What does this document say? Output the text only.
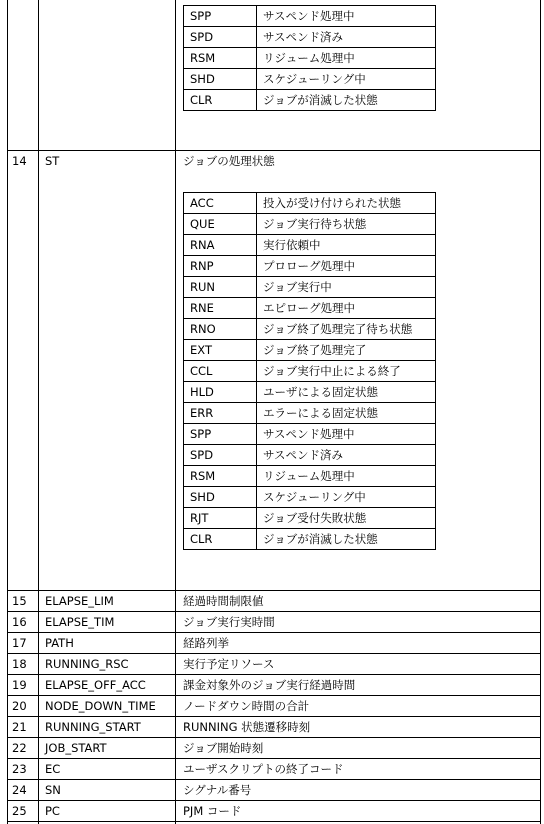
SPP	サスペンド処理中
SPD	サスペンド済み
RSM	リジューム処理中
SHD	スケジューリング中
CLR	ジョブが消滅した状態
14 ST	ジョブの処理状態
ACC	投入が受け付けられた状態
QUE	ジョブ実行待ち状態
RNA	実行依頼中
RNP	プロローグ処理中
RUN	ジョブ実行中
RNE	エピローグ処理中
RNO	ジョブ終了処理完了待ち状態
EXT	ジョブ終了処理完了
CCL	ジョブ実行中止による終了
HLD	ユーザによる固定状態
ERR	エラーによる固定状態
SPP	サスペンド処理中
SPD	サスペンド済み
RSM	リジューム処理中
SHD	スケジューリング中
RJT	ジョブ受付失敗状態
CLR	ジョブが消滅した状態
15 ELAPSE_LIM	経過時間制限値
16 ELAPSE_TIM	ジョブ実行実時間
17 PATH	経路列挙
18 RUNNING_RSC	実行予定リソース
19 ELAPSE_OFF_ACC	課金対象外のジョブ実行経過時間
20 NODE_DOWN_TIME ノードダウン時間の合計
21 RUNNING_START	RUNNING 状態遷移時刻
22 JOB_START	ジョブ開始時刻
23 EC	ユーザスクリプトの終了コード
24 SN	シグナル番号
25 PC	PJM コード
